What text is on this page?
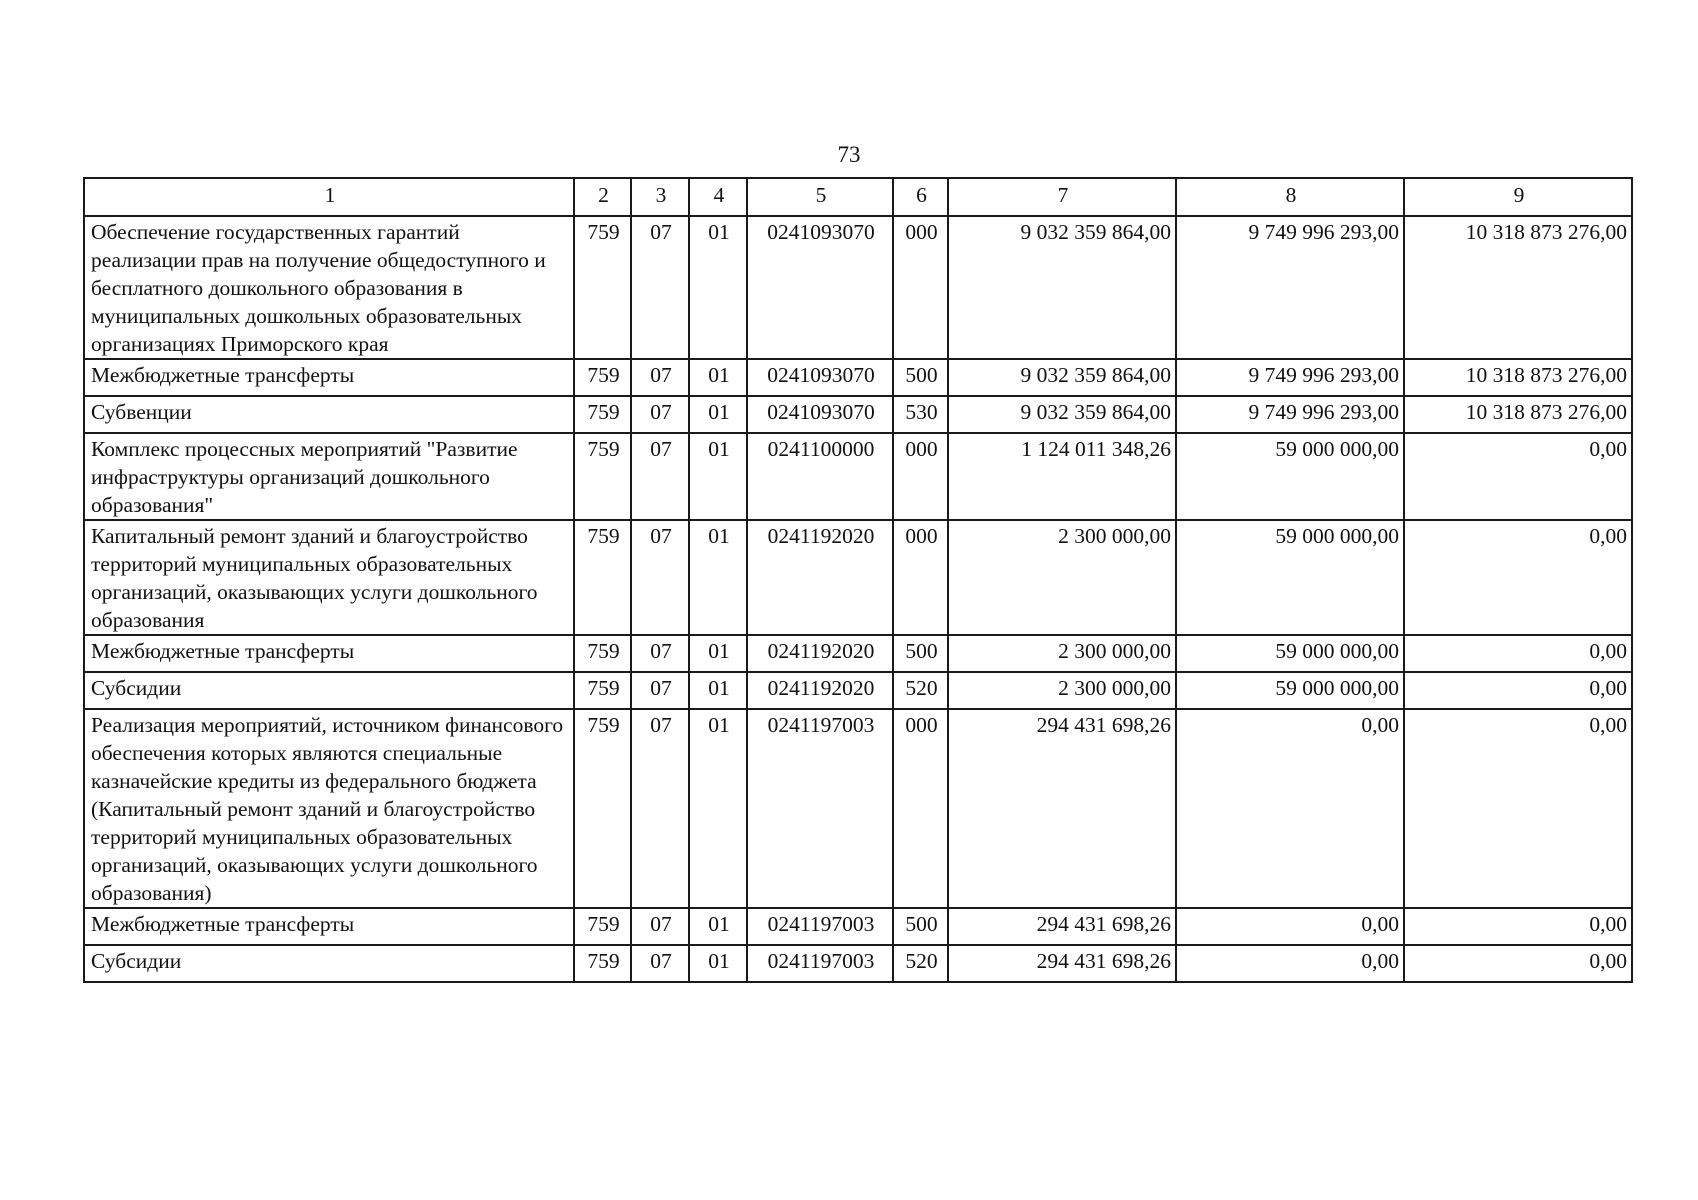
73
1	2	3	4	5	6	7	8	9
Обеспечение государственных гарантий реализации прав на получение общедоступного и бесплатного дошкольного образования в муниципальных дошкольных образовательных организациях Приморского края	759	07	01	0241093070	000	9 032 359 864,00	9 749 996 293,00	10 318 873 276,00
Межбюджетные трансферты	759	07	01	0241093070	500	9 032 359 864,00	9 749 996 293,00	10 318 873 276,00
Субвенции	759	07	01	0241093070	530	9 032 359 864,00	9 749 996 293,00	10 318 873 276,00
Комплекс процессных мероприятий "Развитие инфраструктуры организаций дошкольного образования"	759	07	01	0241100000	000	1 124 011 348,26	59 000 000,00	0,00
Капитальный ремонт зданий и благоустройство территорий муниципальных образовательных организаций, оказывающих услуги дошкольного образования	759	07	01	0241192020	000	2 300 000,00	59 000 000,00	0,00
Межбюджетные трансферты	759	07	01	0241192020	500	2 300 000,00	59 000 000,00	0,00
Субсидии	759	07	01	0241192020	520	2 300 000,00	59 000 000,00	0,00
Реализация мероприятий, источником финансового обеспечения которых являются специальные казначейские кредиты из федерального бюджета (Капитальный ремонт зданий и благоустройство территорий муниципальных образовательных организаций, оказывающих услуги дошкольного образования)	759	07	01	0241197003	000	294 431 698,26	0,00	0,00
Межбюджетные трансферты	759	07	01	0241197003	500	294 431 698,26	0,00	0,00
Субсидии	759	07	01	0241197003	520	294 431 698,26	0,00	0,00
